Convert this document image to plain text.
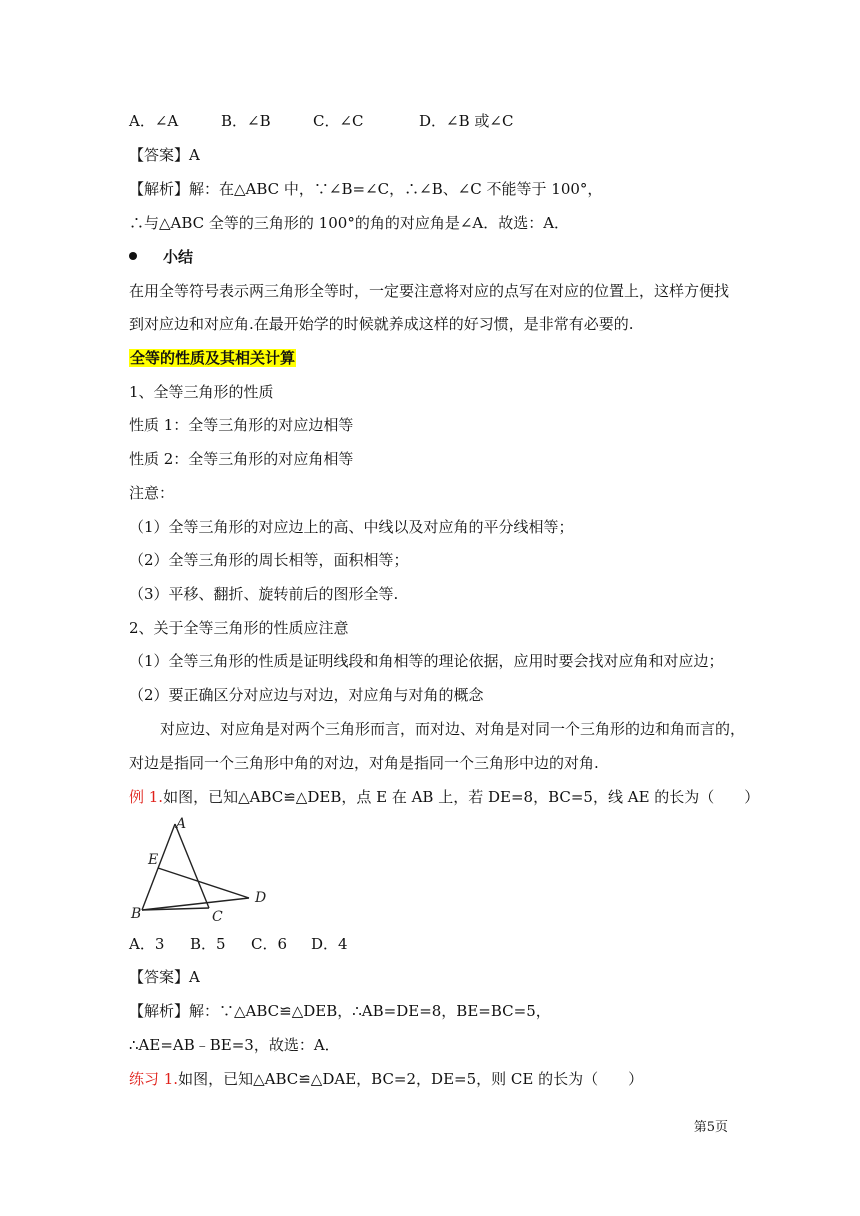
A．∠A	B．∠B	C．∠C	D．∠B 或∠C
【答案】A
【解析】解：在△ABC 中，∵∠B=∠C，∴∠B、∠C 不能等于 100°，
∴与△ABC 全等的三角形的 100°的角的对应角是∠A．故选：A．
小结
在用全等符号表示两三角形全等时，一定要注意将对应的点写在对应的位置上，这样方便找
到对应边和对应角.在最开始学的时候就养成这样的好习惯，是非常有必要的.
全等的性质及其相关计算
1、全等三角形的性质
性质 1：全等三角形的对应边相等
性质 2：全等三角形的对应角相等
注意：
（1）全等三角形的对应边上的高、中线以及对应角的平分线相等；
（2）全等三角形的周长相等，面积相等；
（3）平移、翻折、旋转前后的图形全等.
2、关于全等三角形的性质应注意
（1）全等三角形的性质是证明线段和角相等的理论依据，应用时要会找对应角和对应边；
（2）要正确区分对应边与对边，对应角与对角的概念
对应边、对应角是对两个三角形而言，而对边、对角是对同一个三角形的边和角而言的，
对边是指同一个三角形中角的对边，对角是指同一个三角形中边的对角.
例 1.如图，已知△ABC≌△DEB，点 E 在 AB 上，若 DE=8，BC=5，线 AE 的长为（　　）
A
E
D
B	C
A．3 B．5 C．6 D．4
【答案】A
【解析】解：∵△ABC≌△DEB，∴AB=DE=8，BE=BC=5，
∴AE=AB﹣BE=3，故选：A．
练习 1.如图，已知△ABC≌△DAE，BC=2，DE=5，则 CE 的长为（　　）
第5页
